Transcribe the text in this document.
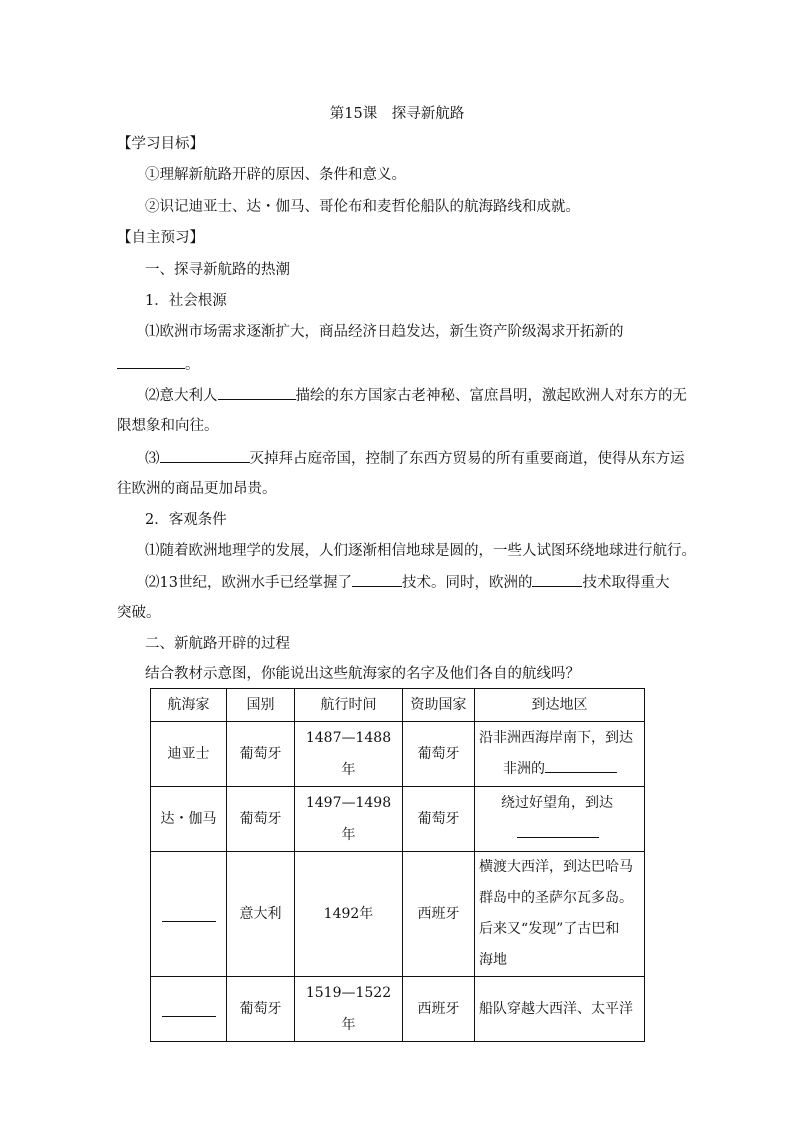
第15课　探寻新航路
【学习目标】
①理解新航路开辟的原因、条件和意义。
②识记迪亚士、达・伽马、哥伦布和麦哲伦船队的航海路线和成就。
【自主预习】
一、探寻新航路的热潮
1．社会根源
⑴欧洲市场需求逐渐扩大，商品经济日趋发达，新生资产阶级渴求开拓新的
。
⑵意大利人	描绘的东方国家古老神秘、富庶昌明，激起欧洲人对东方的无
限想象和向往。
⑶	灭掉拜占庭帝国，控制了东西方贸易的所有重要商道，使得从东方运
往欧洲的商品更加昂贵。
2．客观条件
⑴随着欧洲地理学的发展，人们逐渐相信地球是圆的，一些人试图环绕地球进行航行。
⑵13世纪，欧洲水手已经掌握了	技术。同时，欧洲的	技术取得重大
突破。
二、新航路开辟的过程
结合教材示意图，你能说出这些航海家的名字及他们各自的航线吗？
航海家	国别	航行时间	资助国家	到达地区
迪亚士	葡萄牙	1487—1488年	葡萄牙	沿非洲西海岸南下，到达
非洲的

达・伽马	葡萄牙	1497—1498年	葡萄牙	绕过好望角，到达

	意大利	1492年	西班牙	横渡大西洋，到达巴哈马
群岛中的圣萨尔瓦多岛。
后来又“发现”了古巴和
海地

	葡萄牙	1519—1522年	西班牙	船队穿越大西洋、太平洋
